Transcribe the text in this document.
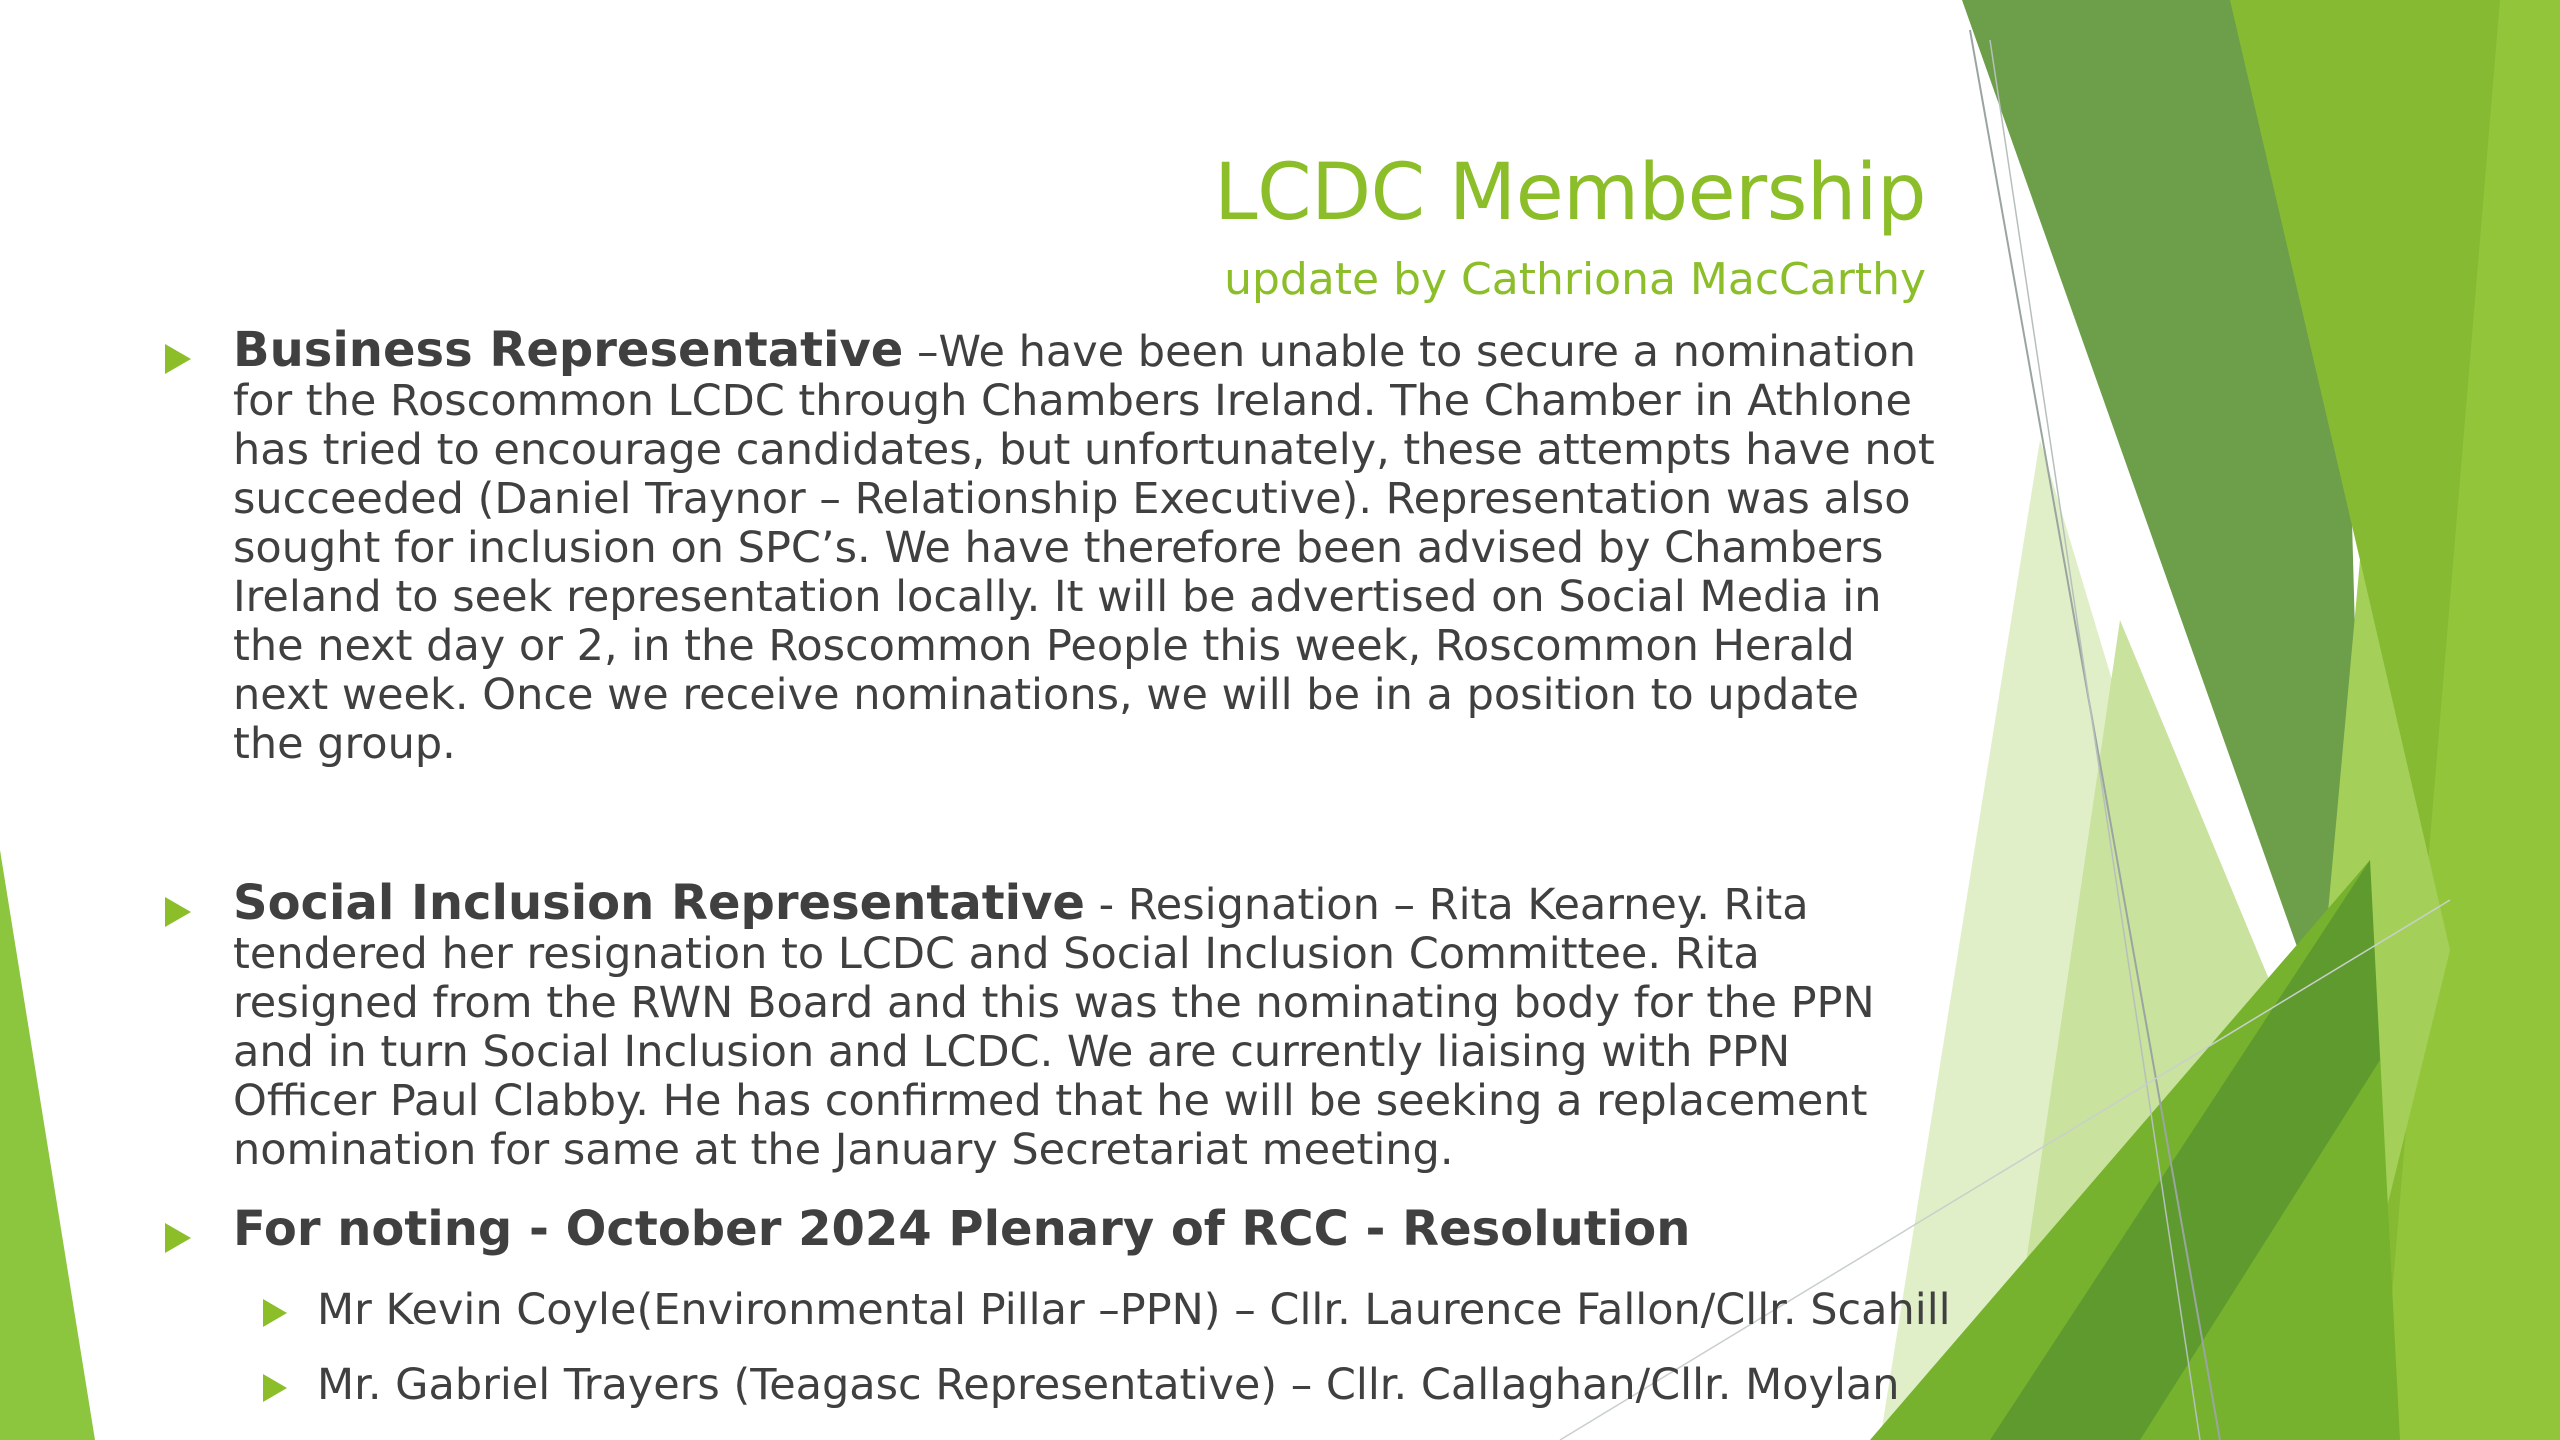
LCDC Membership
update by Cathriona MacCarthy
Business Representative –We have been unable to secure a nomination for the Roscommon LCDC through Chambers Ireland. The Chamber in Athlone has tried to encourage candidates, but unfortunately, these attempts have not succeeded (Daniel Traynor – Relationship Executive). Representation was also sought for inclusion on SPC’s. We have therefore been advised by Chambers Ireland to seek representation locally. It will be advertised on Social Media in the next day or 2, in the Roscommon People this week, Roscommon Herald next week. Once we receive nominations, we will be in a position to update the group.
Social Inclusion Representative - Resignation – Rita Kearney. Rita tendered her resignation to LCDC and Social Inclusion Committee. Rita resigned from the RWN Board and this was the nominating body for the PPN and in turn Social Inclusion and LCDC. We are currently liaising with PPN Officer Paul Clabby. He has confirmed that he will be seeking a replacement nomination for same at the January Secretariat meeting.
For noting - October 2024 Plenary of RCC - Resolution
Mr Kevin Coyle(Environmental Pillar –PPN) – Cllr. Laurence Fallon/Cllr. Scahill
Mr. Gabriel Trayers (Teagasc Representative) – Cllr. Callaghan/Cllr. Moylan
